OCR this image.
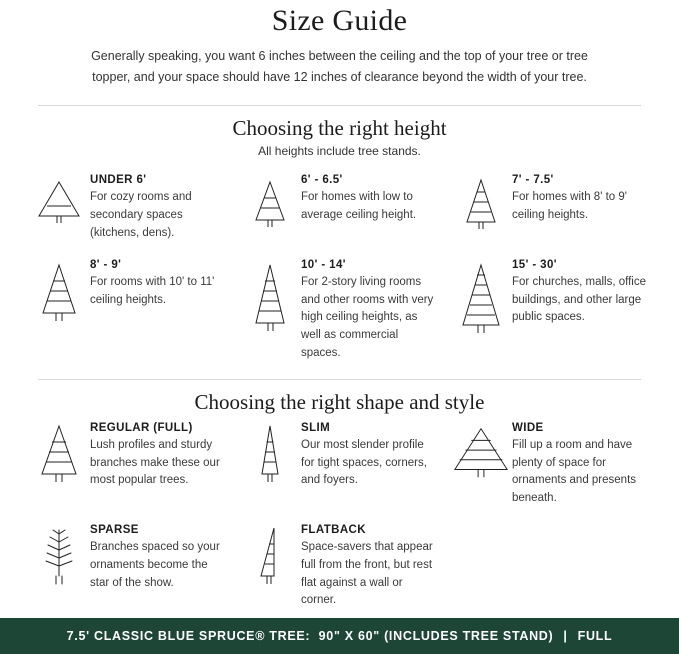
Size Guide

Generally speaking, you want 6 inches between the ceiling and the top of your tree or tree topper, and your space should have 12 inches of clearance beyond the width of your tree.

Choosing the right height
All heights include tree stands.
UNDER 6'
For cozy rooms and secondary spaces (kitchens, dens).
6' - 6.5'
For homes with low to average ceiling height.
7' - 7.5'
For homes with 8' to 9' ceiling heights.
8' - 9'
For rooms with 10' to 11' ceiling heights.
10' - 14'
For 2-story living rooms and other rooms with very high ceiling heights, as well as commercial spaces.
15' - 30'
For churches, malls, office buildings, and other large public spaces.
Choosing the right shape and style
REGULAR (FULL)
Lush profiles and sturdy branches make these our most popular trees.
SLIM
Our most slender profile for tight spaces, corners, and foyers.
WIDE
Fill up a room and have plenty of space for ornaments and presents beneath.
SPARSE
Branches spaced so your ornaments become the star of the show.
FLATBACK
Space-savers that appear full from the front, but rest flat against a wall or corner.
7.5' CLASSIC BLUE SPRUCE® TREE:
90" X 60" (INCLUDES TREE STAND) | FULL
